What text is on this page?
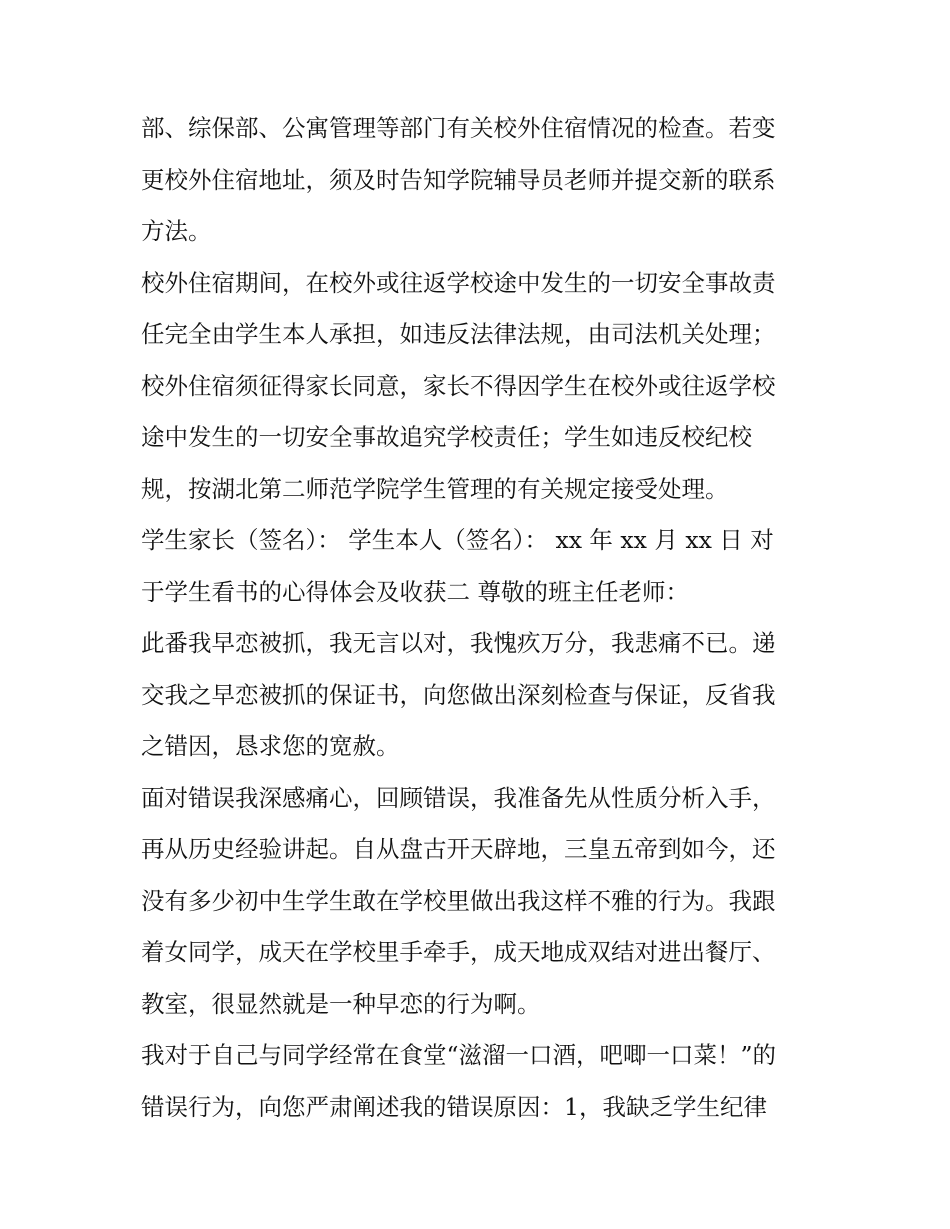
部、综保部、公寓管理等部门有关校外住宿情况的检查。若变
更校外住宿地址，须及时告知学院辅导员老师并提交新的联系
方法。
校外住宿期间，在校外或往返学校途中发生的一切安全事故责
任完全由学生本人承担，如违反法律法规，由司法机关处理；
校外住宿须征得家长同意，家长不得因学生在校外或往返学校
途中发生的一切安全事故追究学校责任；学生如违反校纪校
规，按湖北第二师范学院学生管理的有关规定接受处理。
学生家长（签名）： 学生本人（签名）： xx 年 xx 月 xx 日 对
于学生看书的心得体会及收获二 尊敬的班主任老师：
此番我早恋被抓，我无言以对，我愧疚万分，我悲痛不已。递
交我之早恋被抓的保证书，向您做出深刻检查与保证，反省我
之错因，恳求您的宽赦。
面对错误我深感痛心，回顾错误，我准备先从性质分析入手，
再从历史经验讲起。自从盘古开天辟地，三皇五帝到如今，还
没有多少初中生学生敢在学校里做出我这样不雅的行为。我跟
着女同学，成天在学校里手牵手，成天地成双结对进出餐厅、
教室，很显然就是一种早恋的行为啊。
我对于自己与同学经常在食堂“滋溜一口酒，吧唧一口菜！”的
错误行为，向您严肃阐述我的错误原因：1，我缺乏学生纪律
